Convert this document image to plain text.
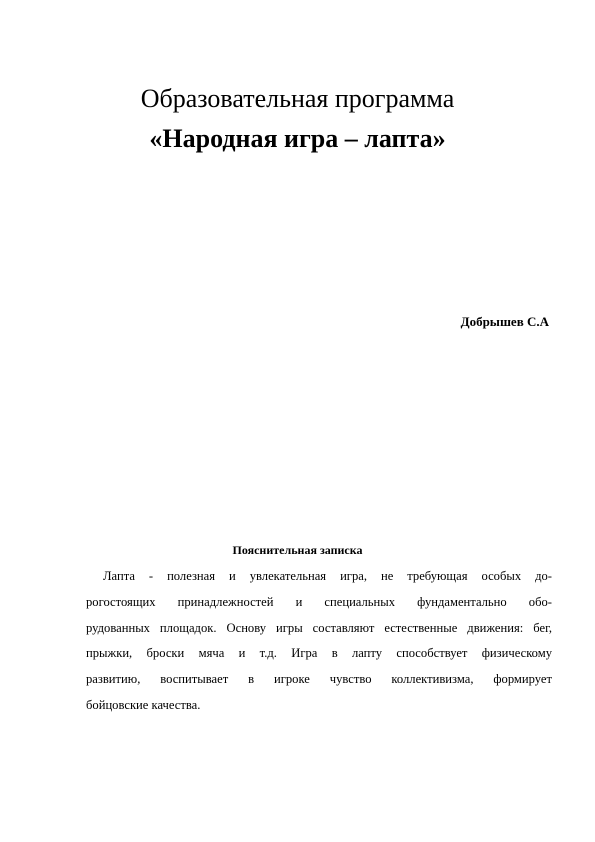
Образовательная программа
«Народная игра – лапта»
Добрышев С.А
Пояснительная записка
Лапта - полезная и увлекательная игра, не требующая особых до-
рогостоящих принадлежностей и специальных фундаментально обо-
рудованных площадок. Основу игры составляют естественные движения: бег,
прыжки, броски мяча и т.д. Игра в лапту способствует физическому
развитию, воспитывает в игроке чувство коллективизма, формирует
бойцовские качества.
